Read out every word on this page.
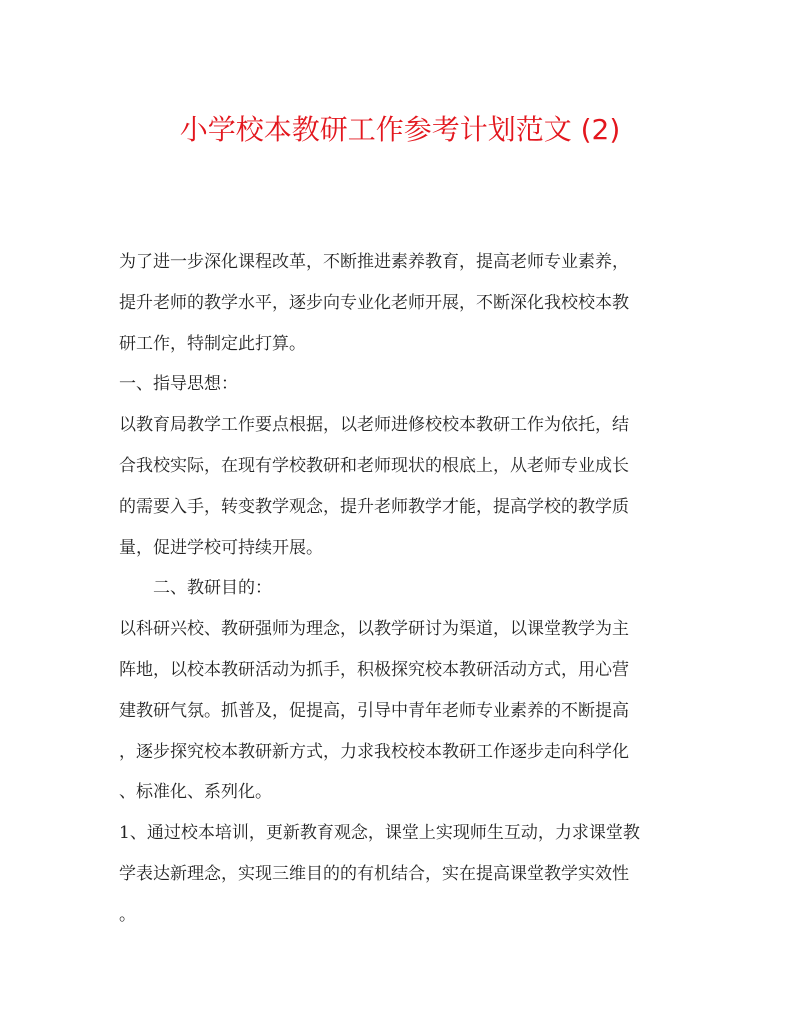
小学校本教研工作参考计划范文 (2)

为了进一步深化课程改革，不断推进素养教育，提高老师专业素养，

提升老师的教学水平，逐步向专业化老师开展，不断深化我校校本教

研工作，特制定此打算。

一、指导思想：

以教育局教学工作要点根据，以老师进修校校本教研工作为依托，结

合我校实际，在现有学校教研和老师现状的根底上，从老师专业成长

的需要入手，转变教学观念，提升老师教学才能，提高学校的教学质

量，促进学校可持续开展。

二、教研目的：

以科研兴校、教研强师为理念，以教学研讨为渠道，以课堂教学为主

阵地，以校本教研活动为抓手，积极探究校本教研活动方式，用心营

建教研气氛。抓普及，促提高，引导中青年老师专业素养的不断提高

，逐步探究校本教研新方式，力求我校校本教研工作逐步走向科学化

、标准化、系列化。

1、通过校本培训，更新教育观念，课堂上实现师生互动，力求课堂教

学表达新理念，实现三维目的的有机结合，实在提高课堂教学实效性

。
